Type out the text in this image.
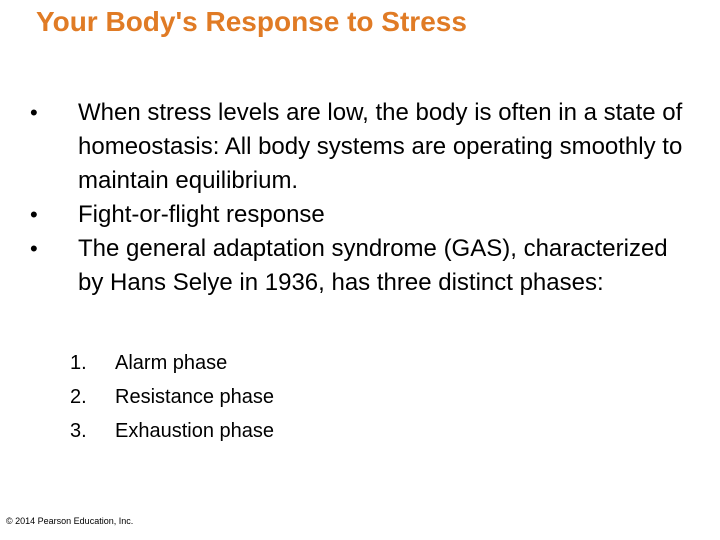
Your Body's Response to Stress
• When stress levels are low, the body is often in a state of homeostasis: All body systems are operating smoothly to maintain equilibrium.
• Fight-or-flight response
• The general adaptation syndrome (GAS), characterized by Hans Selye in 1936, has three distinct phases:
1. Alarm phase
2. Resistance phase
3. Exhaustion phase
© 2014 Pearson Education, Inc.
